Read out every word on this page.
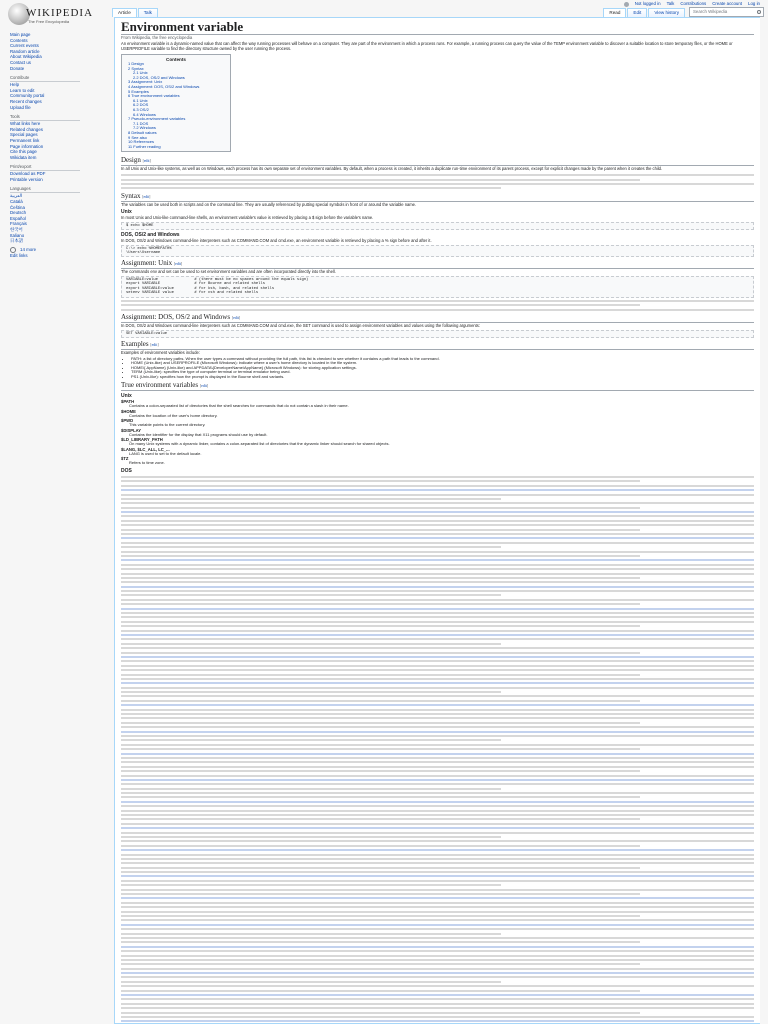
WIKIPEDIA
The Free Encyclopedia
Main page
Contents
Current events
Random article
About Wikipedia
Contact us
Donate
Contribute
Help
Learn to edit
Community portal
Recent changes
Upload file
Tools
What links here
Related changes
Special pages
Permanent link
Page information
Cite this page
Wikidata item
Print/export
Download as PDF
Printable version
Languages
العربية
Català
Čeština
Deutsch
Español
Français
한국어
Italiano
日本語
14 more
Edit links
Not logged in Talk Contributions Create account Log in
Article	Talk	Read	Edit	View history	Search Wikipedia
Environment variable
From Wikipedia, the free encyclopedia

An environment variable is a dynamic-named value that can affect the way running processes will behave on a computer. They are part of the environment in which a process runs. For example, a running process can query the value of the TEMP environment variable to discover a suitable location to store temporary files, or the HOME or USERPROFILE variable to find the directory structure owned by the user running the process.

Contents
1 Design
2 Syntax
2.1 Unix
2.2 DOS, OS/2 and Windows
3 Assignment: Unix
4 Assignment: DOS, OS/2 and Windows
5 Examples
6 True environment variables
6.1 Unix
6.2 DOS
6.3 OS/2
6.4 Windows
7 Pseudo-environment variables
7.1 DOS
7.2 Windows
8 Default values
9 See also
10 References
11 Further reading
Design [edit]

In all Unix and Unix-like systems, as well as on Windows, each process has its own separate set of environment variables. By default, when a process is created, it inherits a duplicate run-time environment of its parent process, except for explicit changes made by the parent when it creates the child.

Syntax [edit]

The variables can be used both in scripts and on the command line. They are usually referenced by putting special symbols in front of or around the variable name.

Unix

In most Unix and Unix-like command-line shells, an environment variable's value is retrieved by placing a $ sign before the variable's name.

$ echo $HOME
DOS, OS/2 and Windows

In DOS, OS/2 and Windows command-line interpreters such as COMMAND.COM and cmd.exe, an environment variable is retrieved by placing a % sign before and after it.

C:\> echo %HOMEPATH%
\Users\Username
Assignment: Unix [edit]

The commands env and set can be used to set environment variables and are often incorporated directly into the shell.

VARIABLE=value                # (there must be no spaces around the equals sign)
export VARIABLE               # for Bourne and related shells
export VARIABLE=value         # for ksh, bash, and related shells
setenv VARIABLE value         # for csh and related shells
Assignment: DOS, OS/2 and Windows [edit]

In DOS, OS/2 and Windows command-line interpreters such as COMMAND.COM and cmd.exe, the SET command is used to assign environment variables and values using the following arguments:

SET VARIABLE=value
Examples [edit]

Examples of environment variables include:

• PATH: a list of directory paths. When the user types a command without providing the full path, this list is checked to see whether it contains a path that leads to the command.
• HOME (Unix-like) and USERPROFILE (Microsoft Windows): indicate where a user's home directory is located in the file system.
• HOME/{.AppName} (Unix-like) and APPDATA\{DeveloperName\AppName} (Microsoft Windows): for storing application settings.
• TERM (Unix-like): specifies the type of computer terminal or terminal emulator being used.
• PS1 (Unix-like): specifies how the prompt is displayed in the Bourne shell and variants.
True environment variables [edit]
Unix
$PATH
Contains a colon-separated list of directories that the shell searches for commands that do not contain a slash in their name.
$HOME
Contains the location of the user's home directory.
$PWD
This variable points to the current directory.
$DISPLAY
Contains the identifier for the display that X11 programs should use by default.
$LD_LIBRARY_PATH
On many Unix systems with a dynamic linker, contains a colon-separated list of directories that the dynamic linker should search for shared objects.
$LANG, $LC_ALL, LC_...
LANG is used to set to the default locale.
$TZ
Refers to time zone.
DOS
